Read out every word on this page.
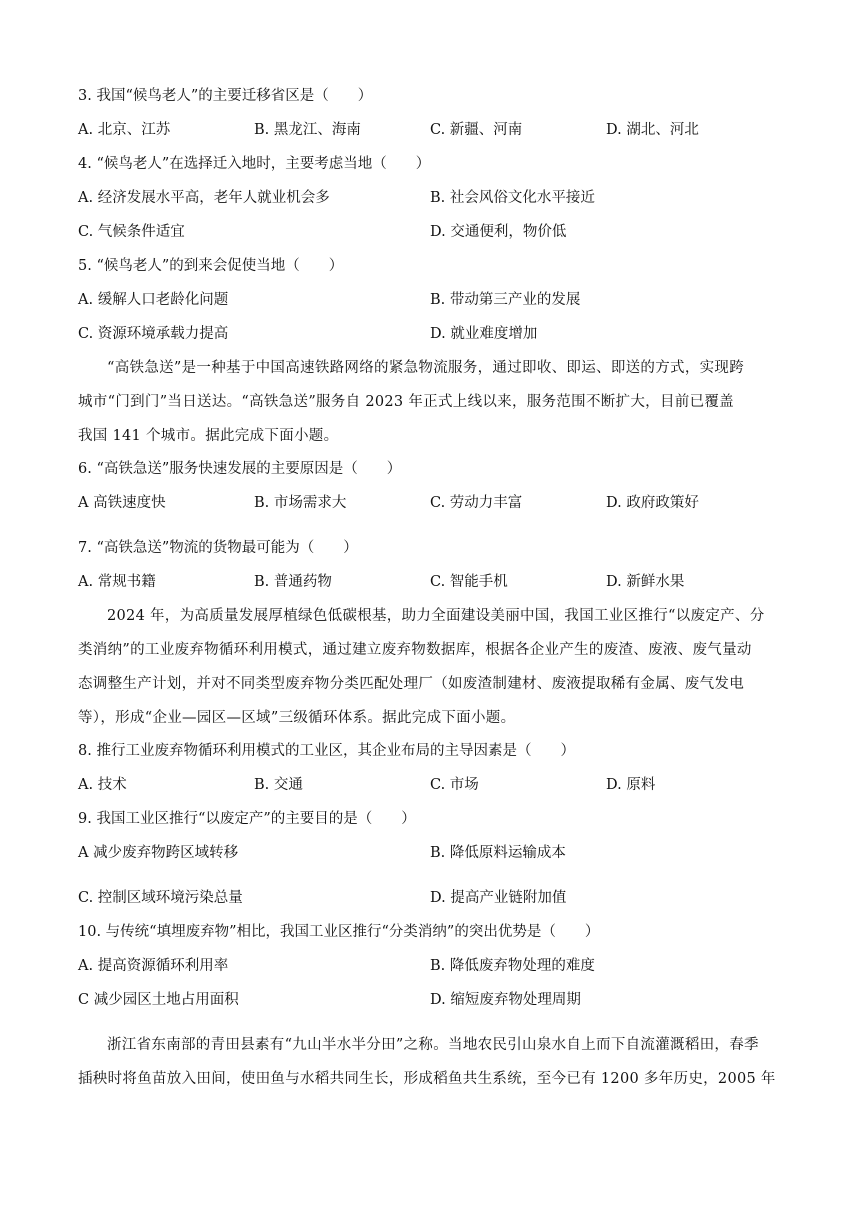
3. 我国“候鸟老人”的主要迁移省区是（　　）
A. 北京、江苏	B. 黑龙江、海南	C. 新疆、河南	D. 湖北、河北
4. “候鸟老人”在选择迁入地时，主要考虑当地（　　）
A. 经济发展水平高，老年人就业机会多	B. 社会风俗文化水平接近
C. 气候条件适宜	D. 交通便利，物价低
5. “候鸟老人”的到来会促使当地（　　）
A. 缓解人口老龄化问题	B. 带动第三产业的发展
C. 资源环境承载力提高	D. 就业难度增加
“高铁急送”是一种基于中国高速铁路网络的紧急物流服务，通过即收、即运、即送的方式，实现跨
城市“门到门”当日送达。“高铁急送”服务自 2023 年正式上线以来，服务范围不断扩大，目前已覆盖
我国 141 个城市。据此完成下面小题。
6. “高铁急送”服务快速发展的主要原因是（　　）
A 高铁速度快	B. 市场需求大	C. 劳动力丰富	D. 政府政策好
7. “高铁急送”物流的货物最可能为（　　）
A. 常规书籍	B. 普通药物	C. 智能手机	D. 新鲜水果
2024 年，为高质量发展厚植绿色低碳根基，助力全面建设美丽中国，我国工业区推行“以废定产、分
类消纳”的工业废弃物循环利用模式，通过建立废弃物数据库，根据各企业产生的废渣、废液、废气量动
态调整生产计划，并对不同类型废弃物分类匹配处理厂（如废渣制建材、废液提取稀有金属、废气发电
等），形成“企业—园区—区域”三级循环体系。据此完成下面小题。
8. 推行工业废弃物循环利用模式的工业区，其企业布局的主导因素是（　　）
A. 技术	B. 交通	C. 市场	D. 原料
9. 我国工业区推行“以废定产”的主要目的是（　　）
A 减少废弃物跨区域转移	B. 降低原料运输成本
C. 控制区域环境污染总量	D. 提高产业链附加值
10. 与传统“填埋废弃物”相比，我国工业区推行“分类消纳”的突出优势是（　　）
A. 提高资源循环利用率	B. 降低废弃物处理的难度
C 减少园区土地占用面积	D. 缩短废弃物处理周期
浙江省东南部的青田县素有“九山半水半分田”之称。当地农民引山泉水自上而下自流灌溉稻田，春季
插秧时将鱼苗放入田间，使田鱼与水稻共同生长，形成稻鱼共生系统，至今已有 1200 多年历史，2005 年
